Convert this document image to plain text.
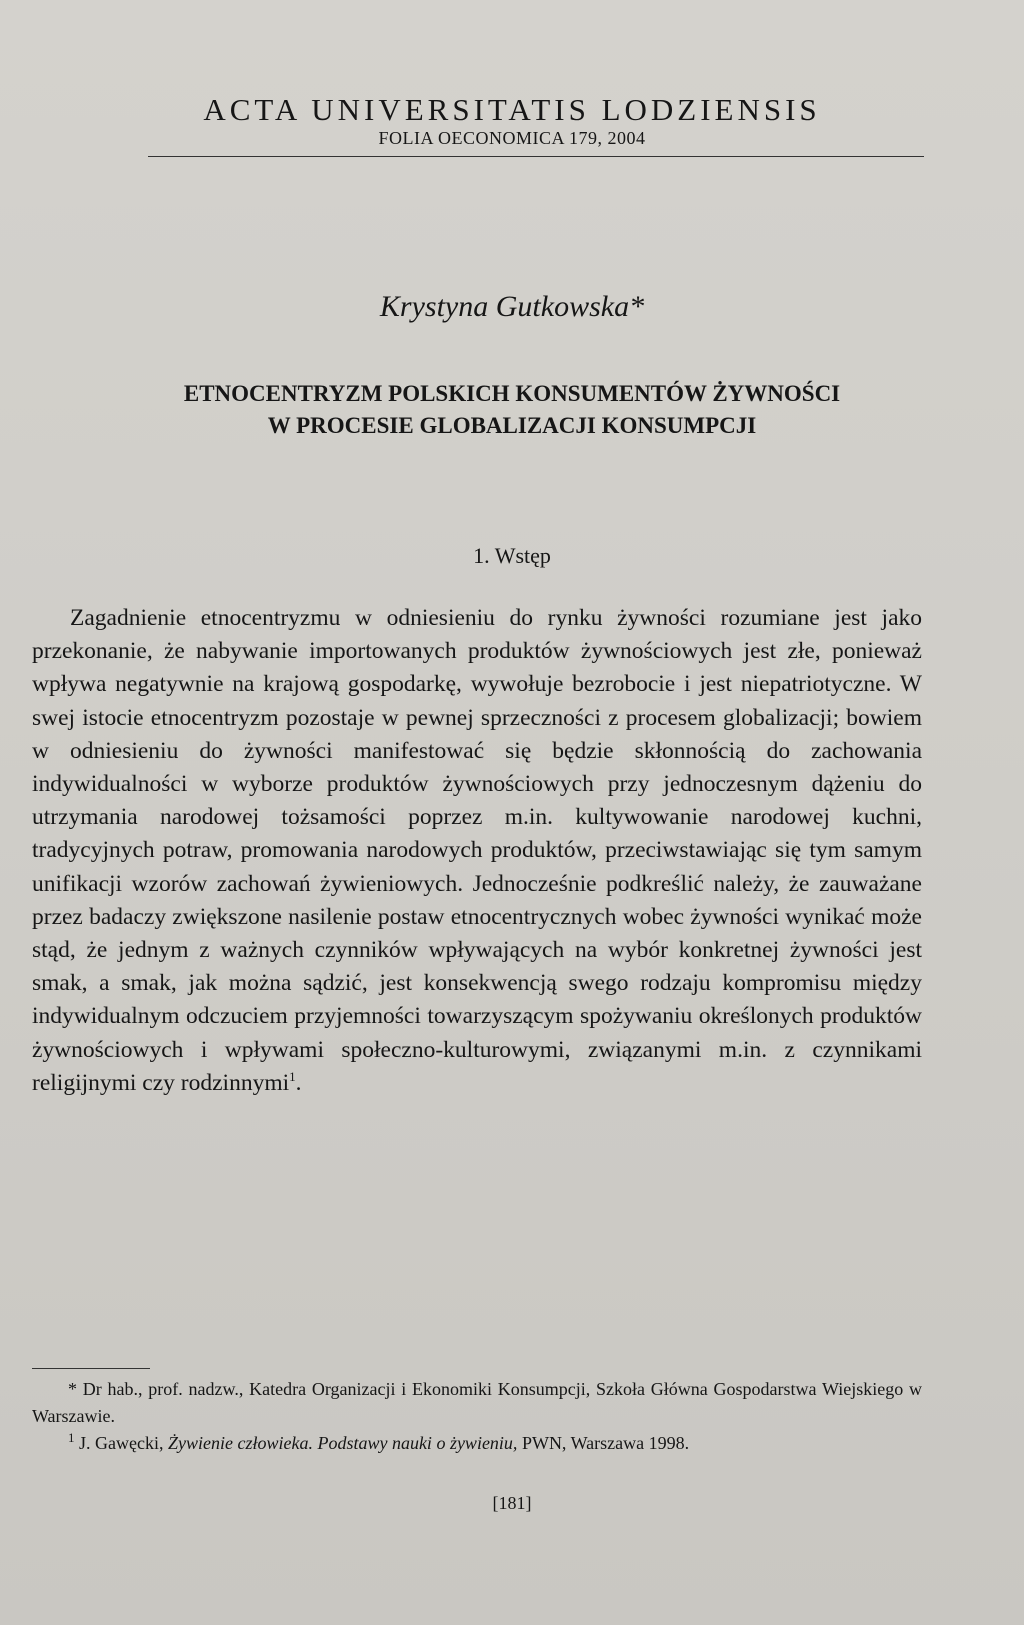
ACTA UNIVERSITATIS LODZIENSIS
FOLIA OECONOMICA 179, 2004
Krystyna Gutkowska*
ETNOCENTRYZM POLSKICH KONSUMENTÓW ŻYWNOŚCI
W PROCESIE GLOBALIZACJI KONSUMPCJI
1. Wstęp

Zagadnienie etnocentryzmu w odniesieniu do rynku żywności rozumiane jest jako przekonanie, że nabywanie importowanych produktów żywnościowych jest złe, ponieważ wpływa negatywnie na krajową gospodarkę, wywołuje bezrobocie i jest niepatriotyczne. W swej istocie etnocentryzm pozostaje w pewnej sprzeczności z procesem globalizacji; bowiem w odniesieniu do żywności manifestować się będzie skłonnością do zachowania indywidualności w wyborze produktów żywnościowych przy jednoczesnym dążeniu do utrzymania narodowej tożsamości poprzez m.in. kultywowanie narodowej kuchni, tradycyjnych potraw, promowania narodowych produktów, przeciwstawiając się tym samym unifikacji wzorów zachowań żywieniowych. Jednocześnie podkreślić należy, że zauważane przez badaczy zwiększone nasilenie postaw etnocentrycznych wobec żywności wynikać może stąd, że jednym z ważnych czynników wpływających na wybór konkretnej żywności jest smak, a smak, jak można sądzić, jest konsekwencją swego rodzaju kompromisu między indywidualnym odczuciem przyjemności towarzyszącym spożywaniu określonych produktów żywnościowych i wpływami społeczno-kulturowymi, związanymi m.in. z czynnikami religijnymi czy rodzinnymi$^1$.

* Dr hab., prof. nadzw., Katedra Organizacji i Ekonomiki Konsumpcji, Szkoła Główna Gospodarstwa Wiejskiego w Warszawie.

$^1$ J. Gawęcki, Żywienie człowieka. Podstawy nauki o żywieniu, PWN, Warszawa 1998.

[181]
